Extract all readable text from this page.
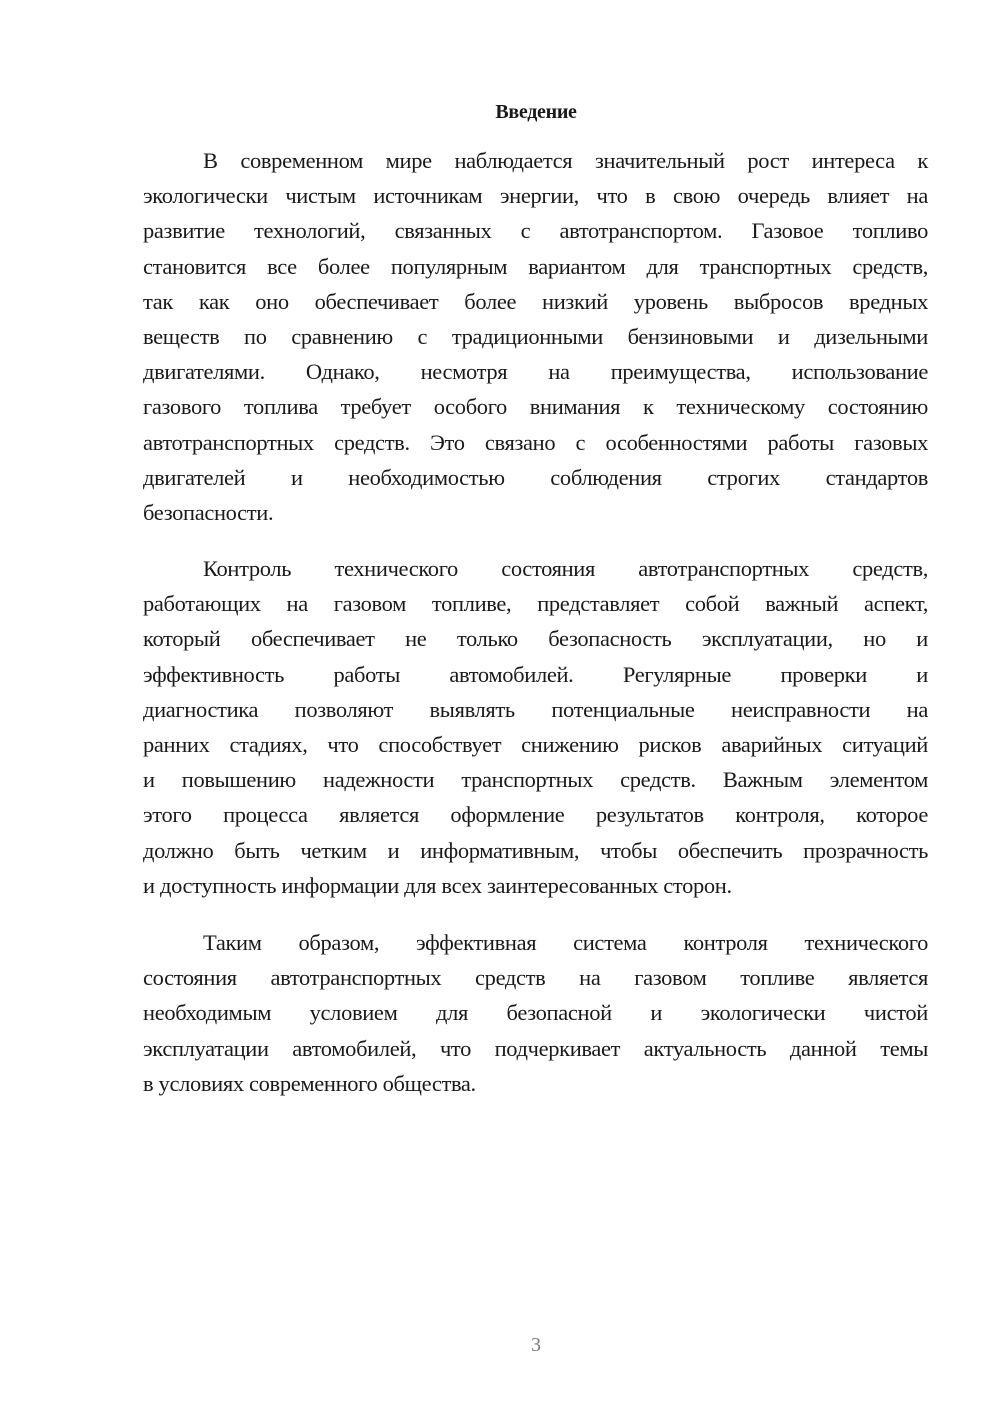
Введение
В современном мире наблюдается значительный рост интереса к
экологически чистым источникам энергии, что в свою очередь влияет на
развитие технологий, связанных с автотранспортом. Газовое топливо
становится все более популярным вариантом для транспортных средств,
так как оно обеспечивает более низкий уровень выбросов вредных
веществ по сравнению с традиционными бензиновыми и дизельными
двигателями. Однако, несмотря на преимущества, использование
газового топлива требует особого внимания к техническому состоянию
автотранспортных средств. Это связано с особенностями работы газовых
двигателей и необходимостью соблюдения строгих стандартов
безопасности.
Контроль технического состояния автотранспортных средств,
работающих на газовом топливе, представляет собой важный аспект,
который обеспечивает не только безопасность эксплуатации, но и
эффективность работы автомобилей. Регулярные проверки и
диагностика позволяют выявлять потенциальные неисправности на
ранних стадиях, что способствует снижению рисков аварийных ситуаций
и повышению надежности транспортных средств. Важным элементом
этого процесса является оформление результатов контроля, которое
должно быть четким и информативным, чтобы обеспечить прозрачность
и доступность информации для всех заинтересованных сторон.
Таким образом, эффективная система контроля технического
состояния автотранспортных средств на газовом топливе является
необходимым условием для безопасной и экологически чистой
эксплуатации автомобилей, что подчеркивает актуальность данной темы
в условиях современного общества.
3
